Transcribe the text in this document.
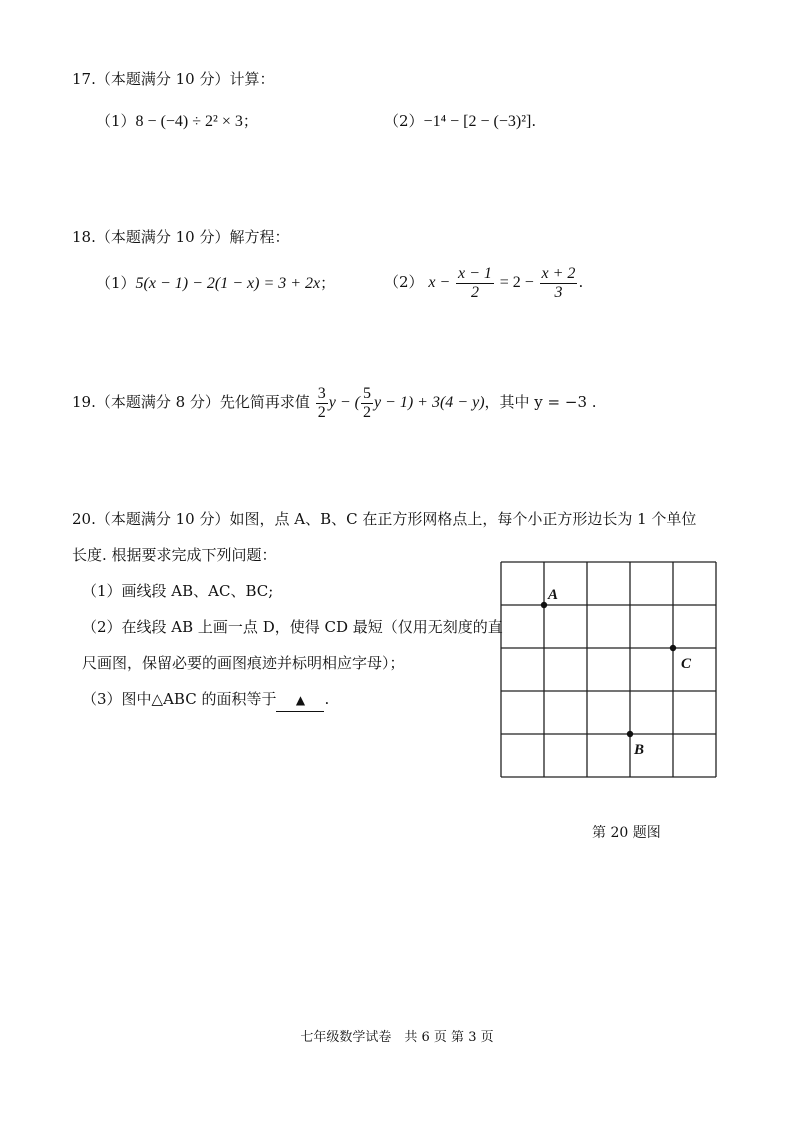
17.（本题满分 10 分）计算：
（1）8 − (−4) ÷ 2² × 3；	（2）−1⁴ − [2 − (−3)²].
18.（本题满分 10 分）解方程：
（1）5(x − 1) − 2(1 − x) = 3 + 2x；	（2） $x - \frac{x - 1}{2} = 2 - \frac{x + 2}{3}$ .
19.（本题满分 8 分）先化简再求值 $\frac{3}{2}$ y − ( $\frac{5}{2}$ y − 1) + 3(4 − y)，其中 y = −3 .
20.（本题满分 10 分）如图，点 A、B、C 在正方形网格点上，每个小正方形边长为 1 个单位
长度. 根据要求完成下列问题：
（1）画线段 AB、AC、BC;
（2）在线段 AB 上画一点 D，使得 CD 最短（仅用无刻度的直
尺画图，保留必要的画图痕迹并标明相应字母）；
（3）图中△ABC 的面积等于 ▲ .
A
C
B
第 20 题图
七年级数学试卷　共 6 页 第 3 页
